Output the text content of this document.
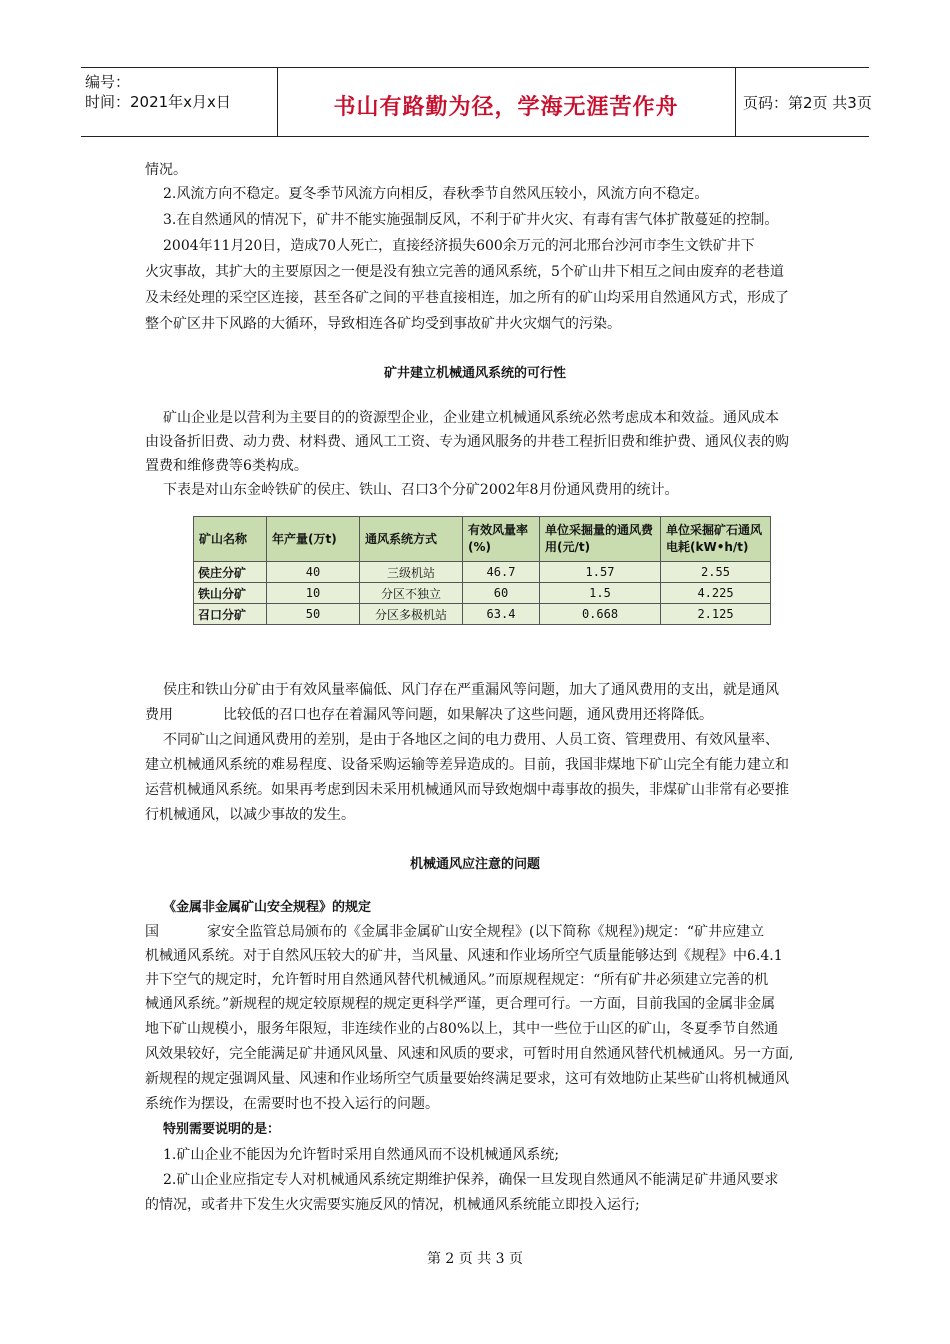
编号：
时间：2021年x月x日	书山有路勤为径，学海无涯苦作舟	页码：第2页 共3页
情况。
2.风流方向不稳定。夏冬季节风流方向相反，春秋季节自然风压较小，风流方向不稳定。
3.在自然通风的情况下，矿井不能实施强制反风，不利于矿井火灾、有毒有害气体扩散蔓延的控制。
2004年11月20日，造成70人死亡，直接经济损失600余万元的河北邢台沙河市李生文铁矿井下
火灾事故，其扩大的主要原因之一便是没有独立完善的通风系统，5个矿山井下相互之间由废弃的老巷道
及未经处理的采空区连接，甚至各矿之间的平巷直接相连，加之所有的矿山均采用自然通风方式，形成了
整个矿区井下风路的大循环，导致相连各矿均受到事故矿井火灾烟气的污染。
矿井建立机械通风系统的可行性
矿山企业是以营利为主要目的的资源型企业，企业建立机械通风系统必然考虑成本和效益。通风成本
由设备折旧费、动力费、材料费、通风工工资、专为通风服务的井巷工程折旧费和维护费、通风仪表的购
置费和维修费等6类构成。
下表是对山东金岭铁矿的侯庄、铁山、召口3个分矿2002年8月份通风费用的统计。
矿山名称	年产量(万t)	通风系统方式	有效风量率(%)	单位采掘量的通风费用(元/t)	单位采掘矿石通风电耗(kW•h/t)
侯庄分矿	40	三级机站	46.7	1.57	2.55
铁山分矿	10	分区不独立	60	1.5	4.225
召口分矿	50	分区多极机站	63.4	0.668	2.125
侯庄和铁山分矿由于有效风量率偏低、风门存在严重漏风等问题，加大了通风费用的支出，就是通风
费用	比较低的召口也存在着漏风等问题，如果解决了这些问题，通风费用还将降低。
不同矿山之间通风费用的差别，是由于各地区之间的电力费用、人员工资、管理费用、有效风量率、
建立机械通风系统的难易程度、设备采购运输等差异造成的。目前，我国非煤地下矿山完全有能力建立和
运营机械通风系统。如果再考虑到因未采用机械通风而导致炮烟中毒事故的损失，非煤矿山非常有必要推
行机械通风，以减少事故的发生。
机械通风应注意的问题
《金属非金属矿山安全规程》的规定
国	家安全监管总局颁布的《金属非金属矿山安全规程》(以下简称《规程》)规定：“矿井应建立
机械通风系统。对于自然风压较大的矿井，当风量、风速和作业场所空气质量能够达到《规程》中6.4.1
井下空气的规定时，允许暂时用自然通风替代机械通风。”而原规程规定：“所有矿井必须建立完善的机
械通风系统。”新规程的规定较原规程的规定更科学严谨，更合理可行。一方面，目前我国的金属非金属
地下矿山规模小，服务年限短，非连续作业的占80%以上，其中一些位于山区的矿山，冬夏季节自然通
风效果较好，完全能满足矿井通风风量、风速和风质的要求，可暂时用自然通风替代机械通风。另一方面,
新规程的规定强调风量、风速和作业场所空气质量要始终满足要求，这可有效地防止某些矿山将机械通风
系统作为摆设，在需要时也不投入运行的问题。
特别需要说明的是：
1.矿山企业不能因为允许暂时采用自然通风而不设机械通风系统;
2.矿山企业应指定专人对机械通风系统定期维护保养，确保一旦发现自然通风不能满足矿井通风要求
的情况，或者井下发生火灾需要实施反风的情况，机械通风系统能立即投入运行;
第 2 页 共 3 页
